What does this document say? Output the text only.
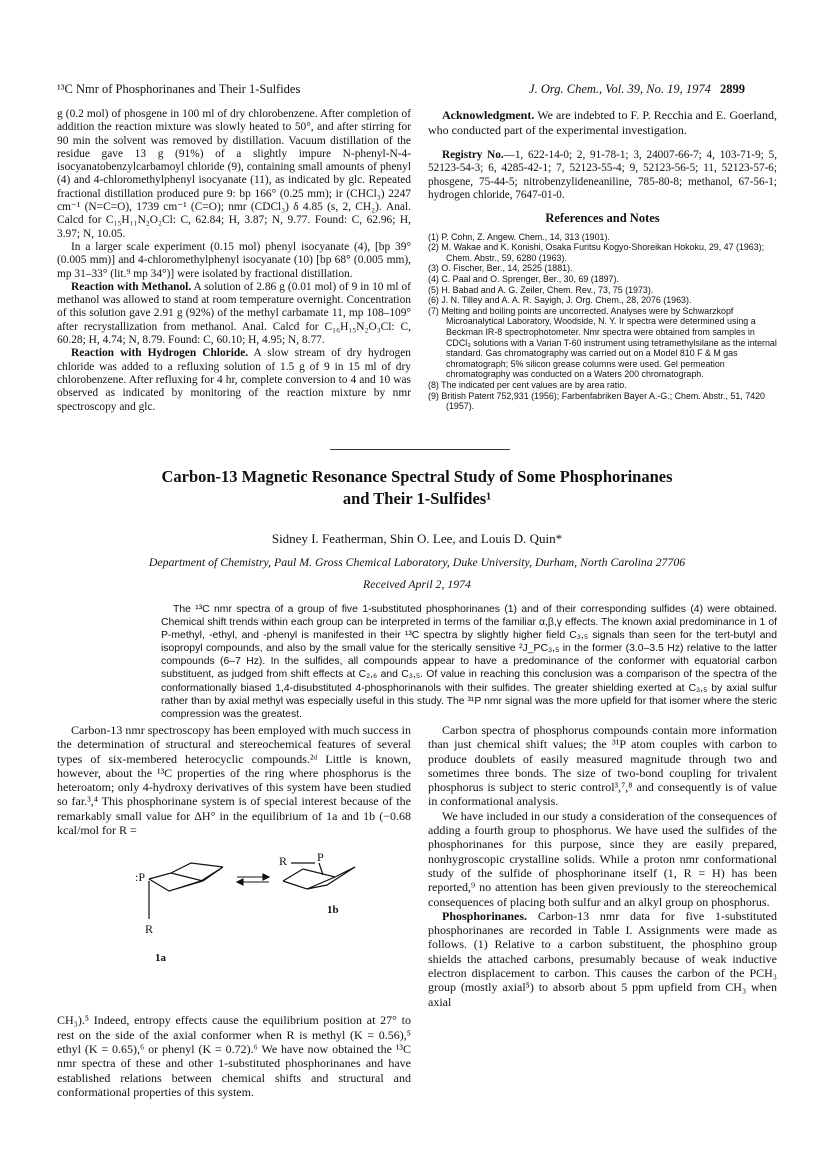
¹³C Nmr of Phosphorinanes and Their 1-Sulfides	J. Org. Chem., Vol. 39, No. 19, 1974 2899

g (0.2 mol) of phosgene in 100 ml of dry chlorobenzene. After completion of addition the reaction mixture was slowly heated to 50°, and after stirring for 90 min the solvent was removed by distillation. Vacuum distillation of the residue gave 13 g (91%) of a slightly impure N-phenyl-N-4-isocyanatobenzylcarbamoyl chloride (9), containing small amounts of phenyl (4) and 4-chloromethylphenyl isocyanate (11), as indicated by glc. Repeated fractional distillation produced pure 9: bp 166° (0.25 mm); ir (CHCl₃) 2247 cm⁻¹ (N=C=O), 1739 cm⁻¹ (C=O); nmr (CDCl₃) δ 4.85 (s, 2, CH₂). Anal. Calcd for C₁₅H₁₁N₂O₂Cl: C, 62.84; H, 3.87; N, 9.77. Found: C, 62.96; H, 3.97; N, 10.05.

In a larger scale experiment (0.15 mol) phenyl isocyanate (4), [bp 39° (0.005 mm)] and 4-chloromethylphenyl isocyanate (10) [bp 68° (0.005 mm), mp 31–33° (lit.⁹ mp 34°)] were isolated by fractional distillation.

Reaction with Methanol. A solution of 2.86 g (0.01 mol) of 9 in 10 ml of methanol was allowed to stand at room temperature overnight. Concentration of this solution gave 2.91 g (92%) of the methyl carbamate 11, mp 108–109° after recrystallization from methanol. Anal. Calcd for C₁₆H₁₅N₂O₃Cl: C, 60.28; H, 4.74; N, 8.79. Found: C, 60.10; H, 4.95; N, 8.77.

Reaction with Hydrogen Chloride. A slow stream of dry hydrogen chloride was added to a refluxing solution of 1.5 g of 9 in 15 ml of dry chlorobenzene. After refluxing for 4 hr, complete conversion to 4 and 10 was observed as indicated by monitoring of the reaction mixture by nmr spectroscopy and glc.

Acknowledgment. We are indebted to F. P. Recchia and E. Goerland, who conducted part of the experimental investigation.

Registry No.—1, 622-14-0; 2, 91-78-1; 3, 24007-66-7; 4, 103-71-9; 5, 52123-54-3; 6, 4285-42-1; 7, 52123-55-4; 9, 52123-56-5; 11, 52123-57-6; phosgene, 75-44-5; nitrobenzylideneaniline, 785-80-8; methanol, 67-56-1; hydrogen chloride, 7647-01-0.

References and Notes
(1) P. Cohn, Z. Angew. Chem., 14, 313 (1901).
(2) M. Wakae and K. Konishi, Osaka Furitsu Kogyo-Shoreikan Hokoku, 29, 47 (1963); Chem. Abstr., 59, 6280 (1963).
(3) O. Fischer, Ber., 14, 2525 (1881).
(4) C. Paal and O. Sprenger, Ber., 30, 69 (1897).
(5) H. Babad and A. G. Zeiler, Chem. Rev., 73, 75 (1973).
(6) J. N. Tilley and A. A. R. Sayigh, J. Org. Chem., 28, 2076 (1963).
(7) Melting and boiling points are uncorrected. Analyses were by Schwarzkopf Microanalytical Laboratory, Woodside, N. Y. Ir spectra were determined using a Beckman IR-8 spectrophotometer. Nmr spectra were obtained from samples in CDCl₃ solutions with a Varian T-60 instrument using tetramethylsilane as the internal standard. Gas chromatography was carried out on a Model 810 F & M gas chromatograph; 5% silicon grease columns were used. Gel permeation chromatography was conducted on a Waters 200 chromatograph.
(8) The indicated per cent values are by area ratio.
(9) British Patent 752,931 (1956); Farbenfabriken Bayer A.-G.; Chem. Abstr., 51, 7420 (1957).
Carbon-13 Magnetic Resonance Spectral Study of Some Phosphorinanes
and Their 1-Sulfides¹
Sidney I. Featherman, Shin O. Lee, and Louis D. Quin*
Department of Chemistry, Paul M. Gross Chemical Laboratory, Duke University, Durham, North Carolina 27706
Received April 2, 1974

The ¹³C nmr spectra of a group of five 1-substituted phosphorinanes (1) and of their corresponding sulfides (4) were obtained. Chemical shift trends within each group can be interpreted in terms of the familiar α,β,γ effects. The known axial predominance in 1 of P-methyl, -ethyl, and -phenyl is manifested in their ¹³C spectra by slightly higher field C₃,₅ signals than seen for the tert-butyl and isopropyl compounds, and also by the small value for the sterically sensitive ²J_PC₃,₅ in the former (3.0–3.5 Hz) relative to the latter compounds (6–7 Hz). In the sulfides, all compounds appear to have a predominance of the conformer with equatorial carbon substituent, as judged from shift effects at C₂,₆ and C₃,₅. Of value in reaching this conclusion was a comparison of the spectra of the conformationally biased 1,4-disubstituted 4-phosphorinanols with their sulfides. The greater shielding exerted at C₃,₅ by axial sulfur rather than by axial methyl was especially useful in this study. The ³¹P nmr signal was the more upfield for that isomer where the steric compression was the greatest.

Carbon-13 nmr spectroscopy has been employed with much success in the determination of structural and stereochemical features of several types of six-membered heterocyclic compounds.²ᵈ Little is known, however, about the ¹³C properties of the ring where phosphorus is the heteroatom; only 4-hydroxy derivatives of this system have been studied so far.³,⁴ This phosphorinane system is of special interest because of the remarkably small value for ΔH° in the equilibrium of 1a and 1b (−0.68 kcal/mol for R =

:P
R
1a
R P
1b

CH₃).⁵ Indeed, entropy effects cause the equilibrium position at 27° to rest on the side of the axial conformer when R is methyl (K = 0.56),⁵ ethyl (K = 0.65),⁶ or phenyl (K = 0.72).⁶ We have now obtained the ¹³C nmr spectra of these and other 1-substituted phosphorinanes and have established relations between chemical shifts and structural and conformational properties of this system.

Carbon spectra of phosphorus compounds contain more information than just chemical shift values; the ³¹P atom couples with carbon to produce doublets of easily measured magnitude through two and sometimes three bonds. The size of two-bond coupling for trivalent phosphorus is subject to steric control³,⁷,⁸ and consequently is of value in conformational analysis.

We have included in our study a consideration of the consequences of adding a fourth group to phosphorus. We have used the sulfides of the phosphorinanes for this purpose, since they are easily prepared, nonhygroscopic crystalline solids. While a proton nmr conformational study of the sulfide of phosphorinane itself (1, R = H) has been reported,⁹ no attention has been given previously to the stereochemical consequences of placing both sulfur and an alkyl group on phosphorus.

Phosphorinanes. Carbon-13 nmr data for five 1-substituted phosphorinanes are recorded in Table I. Assignments were made as follows. (1) Relative to a carbon substituent, the phosphino group shields the attached carbons, presumably because of weak inductive electron displacement to carbon. This causes the carbon of the PCH₃ group (mostly axial⁵) to absorb about 5 ppm upfield from CH₃ when axial
